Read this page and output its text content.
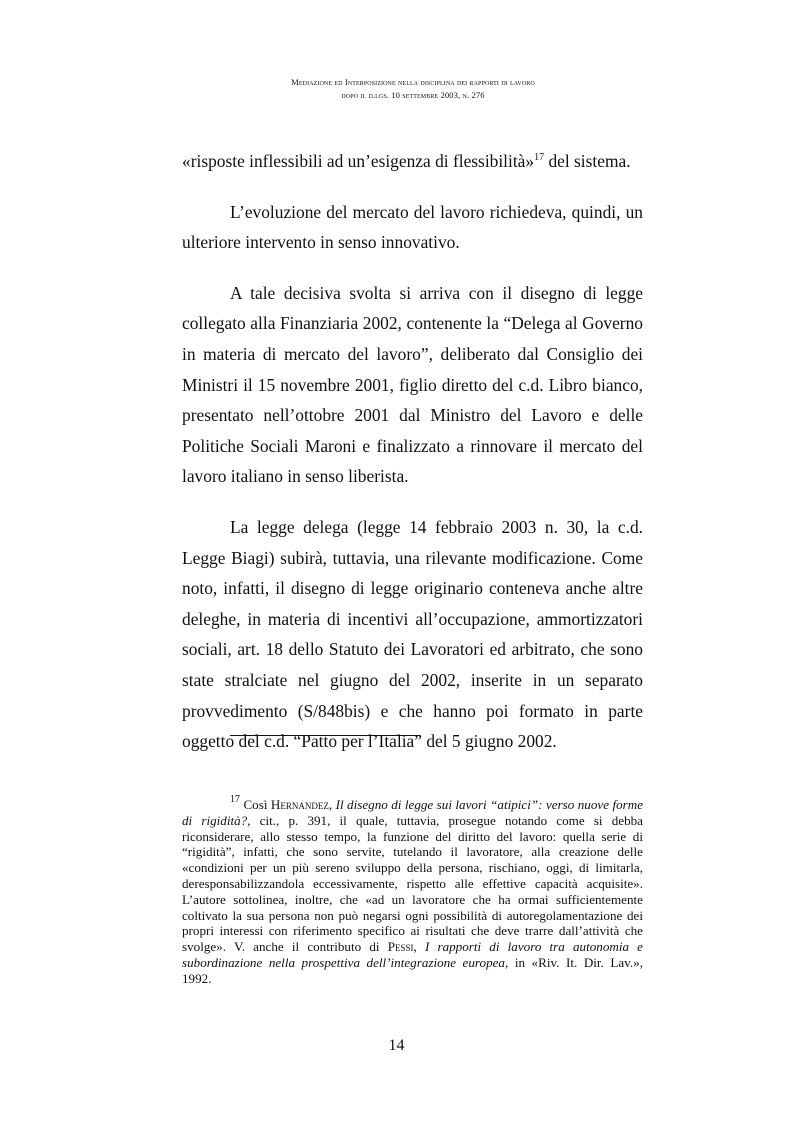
Mediazione ed Interposizione nella disciplina dei rapporti di lavoro
dopo il d.lgs. 10 settembre 2003, n. 276

«risposte inflessibili ad un’esigenza di flessibilità»$^{17}$ del sistema.

L’evoluzione del mercato del lavoro richiedeva, quindi, un ulteriore intervento in senso innovativo.

A tale decisiva svolta si arriva con il disegno di legge collegato alla Finanziaria 2002, contenente la “Delega al Governo in materia di mercato del lavoro”, deliberato dal Consiglio dei Ministri il 15 novembre 2001, figlio diretto del c.d. Libro bianco, presentato nell’ottobre 2001 dal Ministro del Lavoro e delle Politiche Sociali Maroni e finalizzato a rinnovare il mercato del lavoro italiano in senso liberista.

La legge delega (legge 14 febbraio 2003 n. 30, la c.d. Legge Biagi) subirà, tuttavia, una rilevante modificazione. Come noto, infatti, il disegno di legge originario conteneva anche altre deleghe, in materia di incentivi all’occupazione, ammortizzatori sociali, art. 18 dello Statuto dei Lavoratori ed arbitrato, che sono state stralciate nel giugno del 2002, inserite in un separato provvedimento (S/848bis) e che hanno poi formato in parte oggetto del c.d. “Patto per l’Italia” del 5 giugno 2002.

$^{17}$ Così Hernandez, Il disegno di legge sui lavori “atipici”: verso nuove forme di rigidità?, cit., p. 391, il quale, tuttavia, prosegue notando come si debba riconsiderare, allo stesso tempo, la funzione del diritto del lavoro: quella serie di “rigidità”, infatti, che sono servite, tutelando il lavoratore, alla creazione delle «condizioni per un più sereno sviluppo della persona, rischiano, oggi, di limitarla, deresponsabilizzandola eccessivamente, rispetto alle effettive capacità acquisite». L’autore sottolinea, inoltre, che «ad un lavoratore che ha ormai sufficientemente coltivato la sua persona non può negarsi ogni possibilità di autoregolamentazione dei propri interessi con riferimento specifico ai risultati che deve trarre dall’attività che svolge». V. anche il contributo di Pessi, I rapporti di lavoro tra autonomia e subordinazione nella prospettiva dell’integrazione europea, in «Riv. It. Dir. Lav.», 1992.
14
